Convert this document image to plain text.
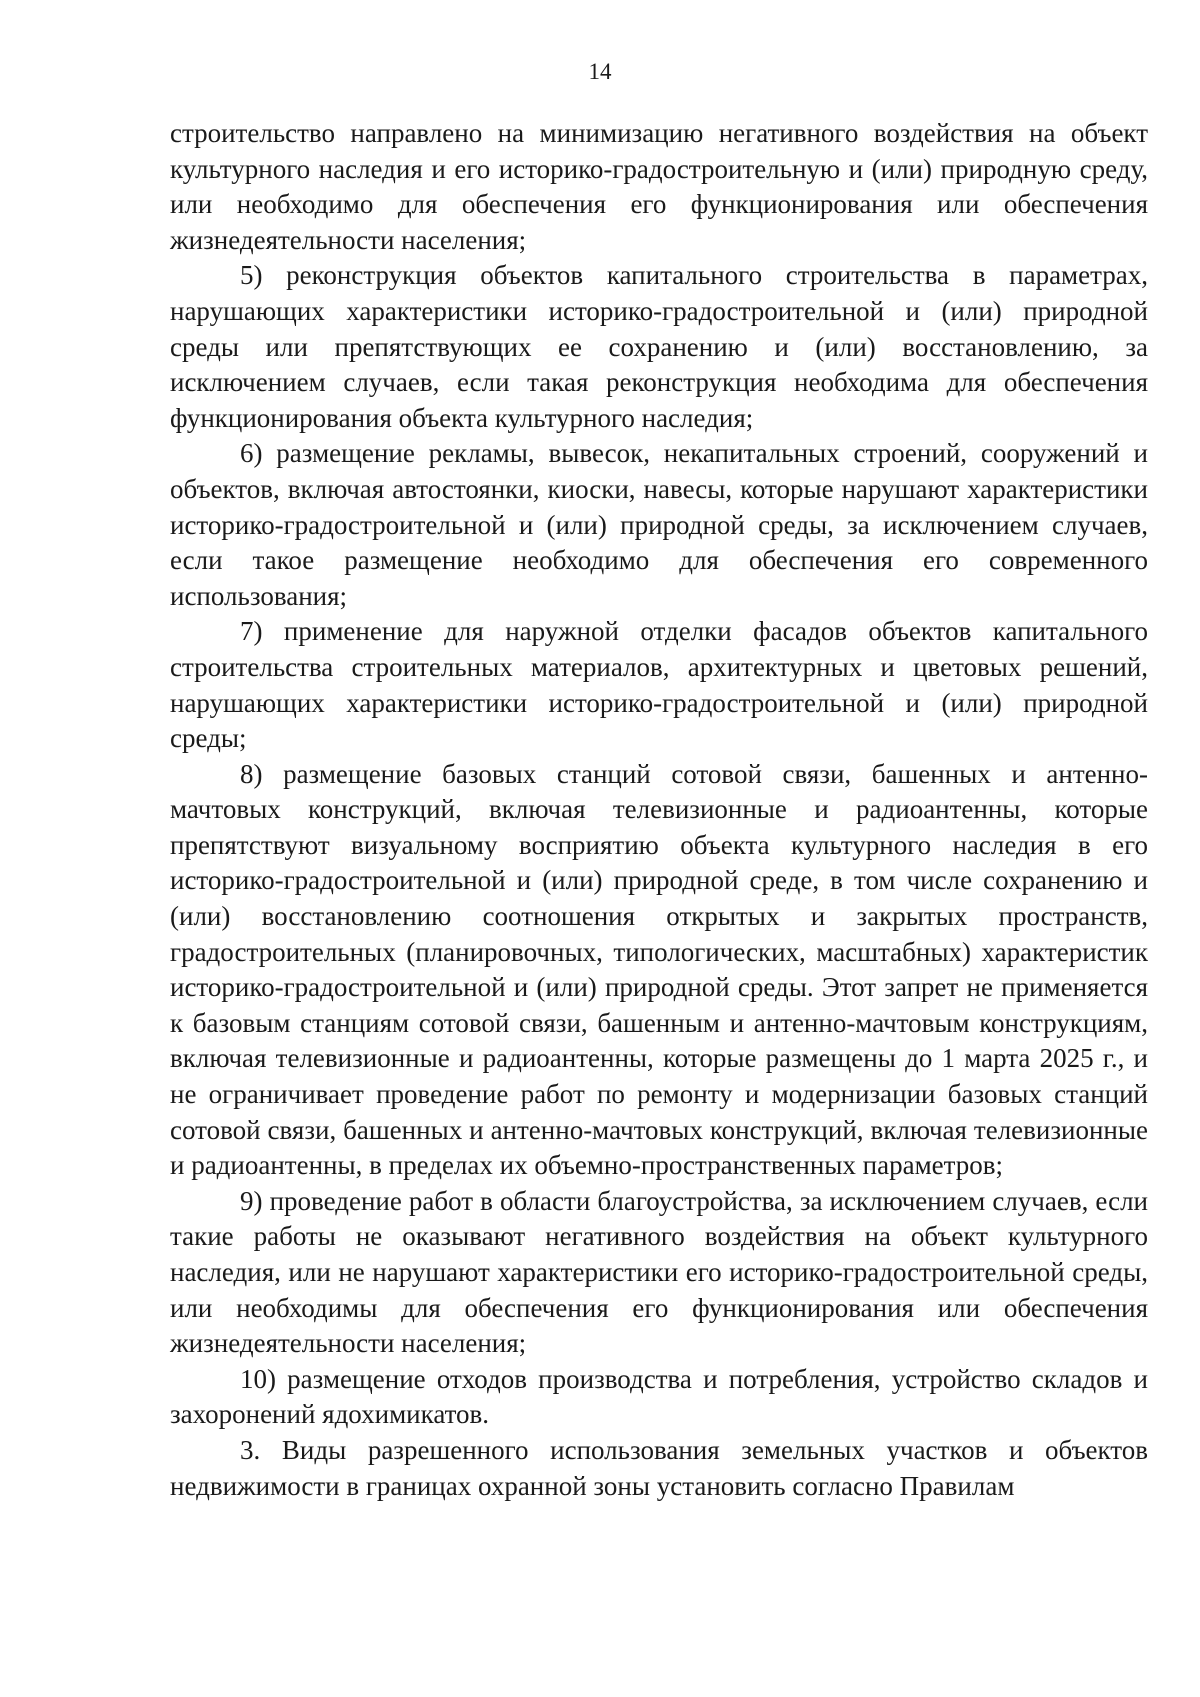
14

строительство направлено на минимизацию негативного воздействия на объект культурного наследия и его историко-градостроительную и (или) природную среду, или необходимо для обеспечения его функционирования или обеспечения жизнедеятельности населения;

5) реконструкция объектов капитального строительства в параметрах, нарушающих характеристики историко-градостроительной и (или) природной среды или препятствующих ее сохранению и (или) восстановлению, за исключением случаев, если такая реконструкция необходима для обеспечения функционирования объекта культурного наследия;

6) размещение рекламы, вывесок, некапитальных строений, сооружений и объектов, включая автостоянки, киоски, навесы, которые нарушают характеристики историко-градостроительной и (или) природной среды, за исключением случаев, если такое размещение необходимо для обеспечения его современного использования;

7) применение для наружной отделки фасадов объектов капитального строительства строительных материалов, архитектурных и цветовых решений, нарушающих характеристики историко-градостроительной и (или) природной среды;

8) размещение базовых станций сотовой связи, башенных и антенно-мачтовых конструкций, включая телевизионные и радиоантенны, которые препятствуют визуальному восприятию объекта культурного наследия в его историко-градостроительной и (или) природной среде, в том числе сохранению и (или) восстановлению соотношения открытых и закрытых пространств, градостроительных (планировочных, типологических, масштабных) характеристик историко-градостроительной и (или) природной среды. Этот запрет не применяется к базовым станциям сотовой связи, башенным и антенно-мачтовым конструкциям, включая телевизионные и радиоантенны, которые размещены до 1 марта 2025 г., и не ограничивает проведение работ по ремонту и модернизации базовых станций сотовой связи, башенных и антенно-мачтовых конструкций, включая телевизионные и радиоантенны, в пределах их объемно-пространственных параметров;

9) проведение работ в области благоустройства, за исключением случаев, если такие работы не оказывают негативного воздействия на объект культурного наследия, или не нарушают характеристики его историко-градостроительной среды, или необходимы для обеспечения его функционирования или обеспечения жизнедеятельности населения;

10) размещение отходов производства и потребления, устройство складов и захоронений ядохимикатов.

3. Виды разрешенного использования земельных участков и объектов недвижимости в границах охранной зоны установить согласно Правилам
